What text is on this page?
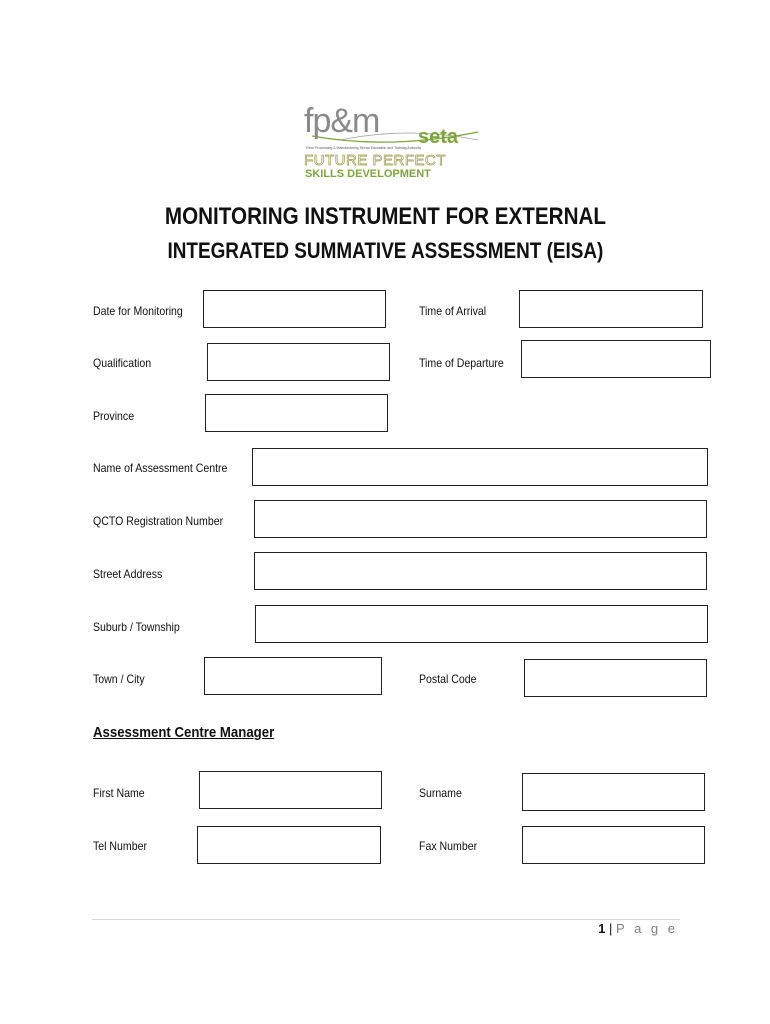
fp&m seta
Fibre Processing & Manufacturing Sector Education and Training Authority
FUTURE PERFECT
SKILLS DEVELOPMENT
MONITORING INSTRUMENT FOR EXTERNAL
INTEGRATED SUMMATIVE ASSESSMENT (EISA)
Date for Monitoring	Time of Arrival
Qualification	Time of Departure
Province
Name of Assessment Centre
QCTO Registration Number
Street Address
Suburb / Township
Town / City	Postal Code
Assessment Centre Manager
First Name	Surname
Tel Number	Fax Number
1 | P a g e
